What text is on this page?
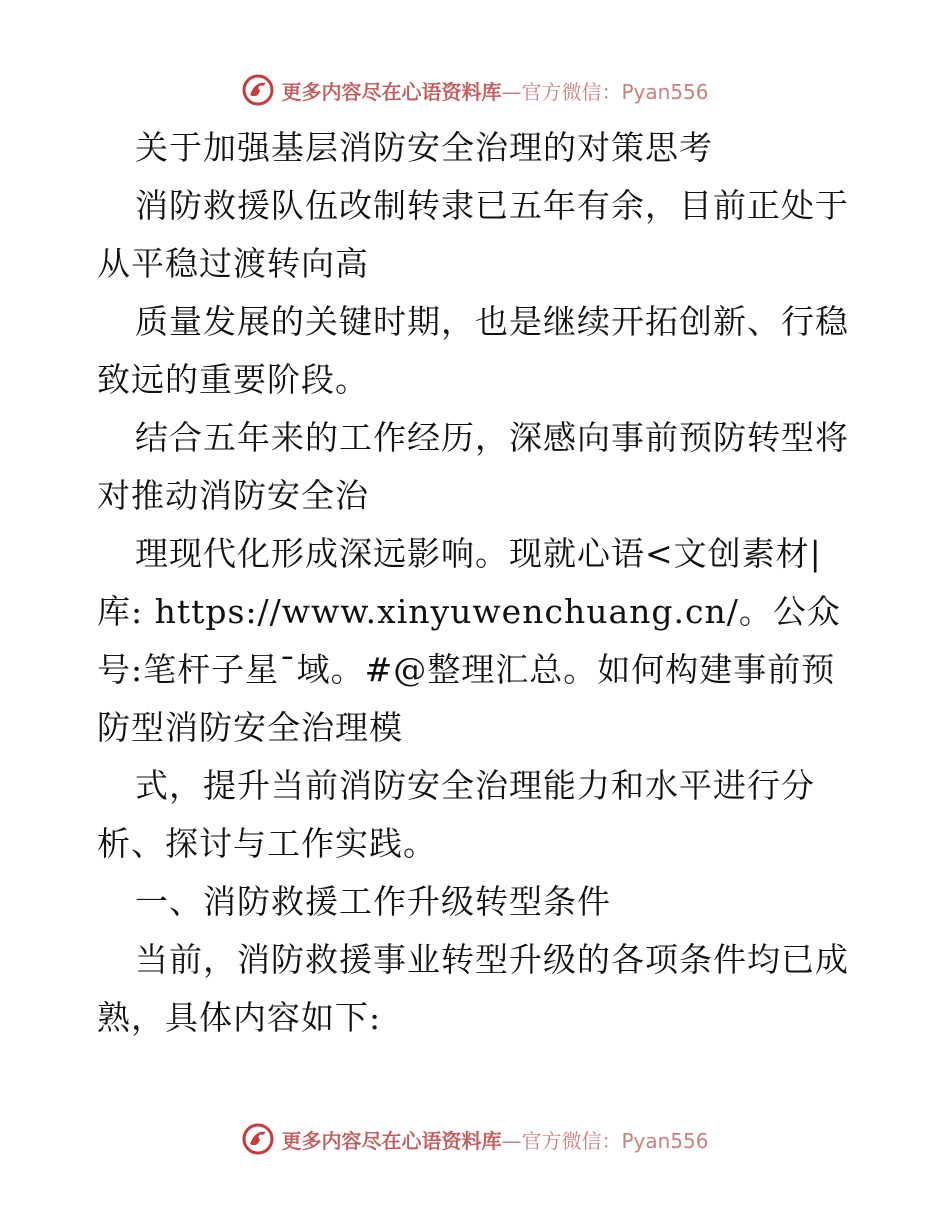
更多内容尽在心语资料库—官方微信：Pyan556

关于加强基层消防安全治理的对策思考

消防救援队伍改制转隶已五年有余，目前正处于从平稳过渡转向高

质量发展的关键时期，也是继续开拓创新、行稳致远的重要阶段。

结合五年来的工作经历，深感向事前预防转型将对推动消防安全治

理现代化形成深远影响。现就心语<文创素材|库: https://www.xinyuwenchuang.cn/。公众号:笔杆子星¯域。#@整理汇总。如何构建事前预防型消防安全治理模

式，提升当前消防安全治理能力和水平进行分析、探讨与工作实践。

一、消防救援工作升级转型条件

当前，消防救援事业转型升级的各项条件均已成熟，具体内容如下:

更多内容尽在心语资料库—官方微信：Pyan556
